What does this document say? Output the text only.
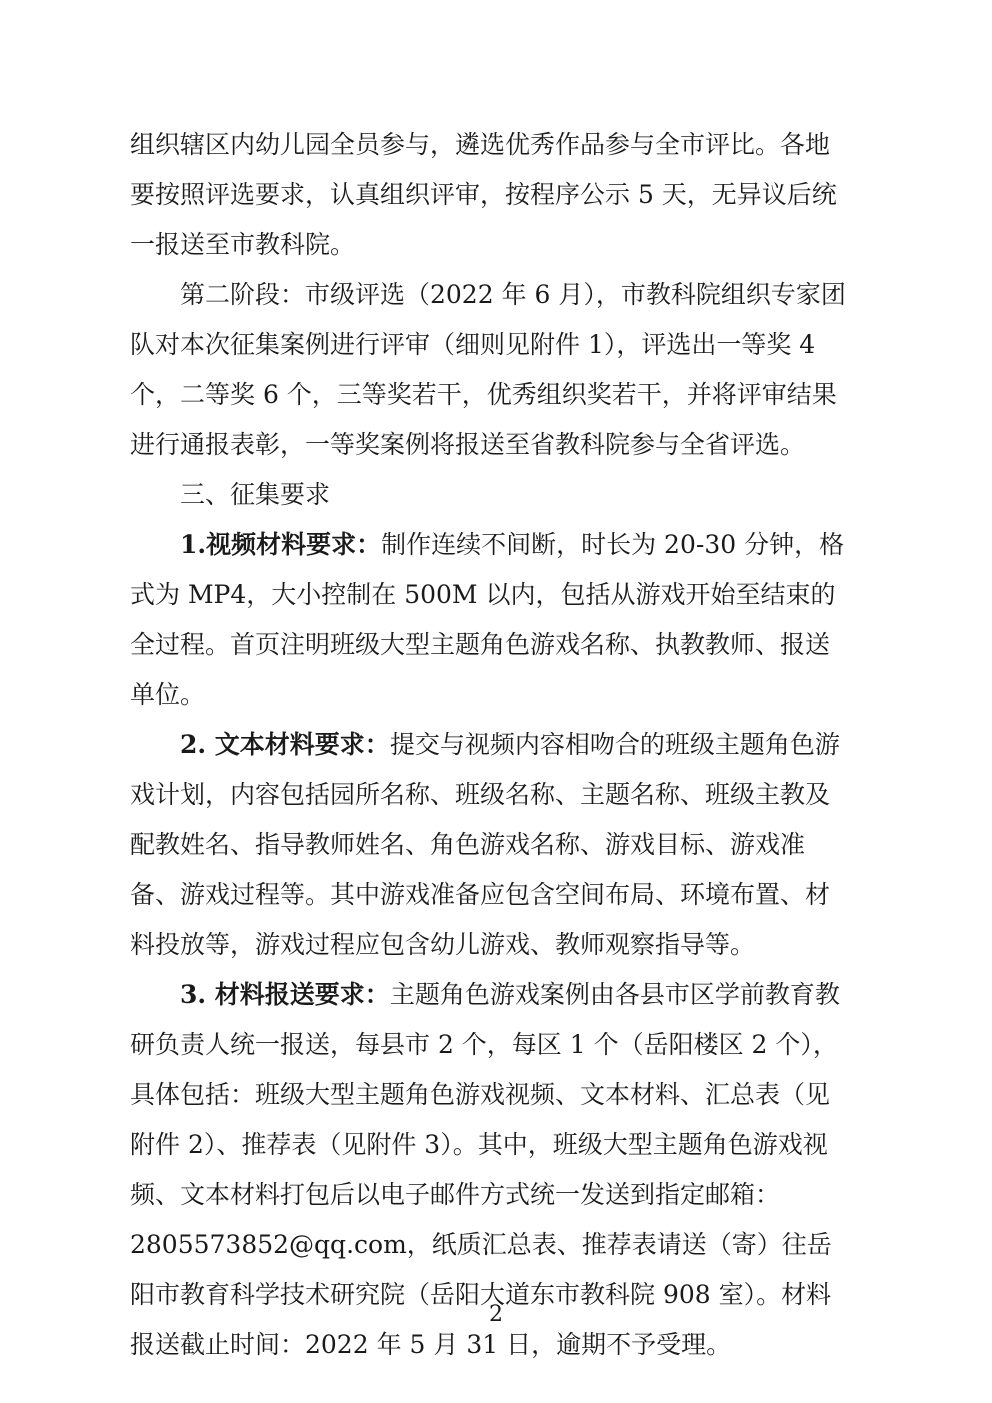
组织辖区内幼儿园全员参与，遴选优秀作品参与全市评比。各地要按照评选要求，认真组织评审，按程序公示 5 天，无异议后统一报送至市教科院。

第二阶段：市级评选（2022 年 6 月），市教科院组织专家团队对本次征集案例进行评审（细则见附件 1），评选出一等奖 4 个，二等奖 6 个，三等奖若干，优秀组织奖若干，并将评审结果进行通报表彰，一等奖案例将报送至省教科院参与全省评选。

三、征集要求

1.视频材料要求：制作连续不间断，时长为 20-30 分钟，格式为 MP4，大小控制在 500M 以内，包括从游戏开始至结束的全过程。首页注明班级大型主题角色游戏名称、执教教师、报送单位。

2. 文本材料要求：提交与视频内容相吻合的班级主题角色游戏计划，内容包括园所名称、班级名称、主题名称、班级主教及配教姓名、指导教师姓名、角色游戏名称、游戏目标、游戏准备、游戏过程等。其中游戏准备应包含空间布局、环境布置、材料投放等，游戏过程应包含幼儿游戏、教师观察指导等。

3. 材料报送要求：主题角色游戏案例由各县市区学前教育教研负责人统一报送，每县市 2 个，每区 1 个（岳阳楼区 2 个），具体包括：班级大型主题角色游戏视频、文本材料、汇总表（见附件 2）、推荐表（见附件 3）。其中，班级大型主题角色游戏视频、文本材料打包后以电子邮件方式统一发送到指定邮箱：2805573852@qq.com，纸质汇总表、推荐表请送（寄）往岳阳市教育科学技术研究院（岳阳大道东市教科院 908 室）。材料报送截止时间：2022 年 5 月 31 日，逾期不予受理。

2
